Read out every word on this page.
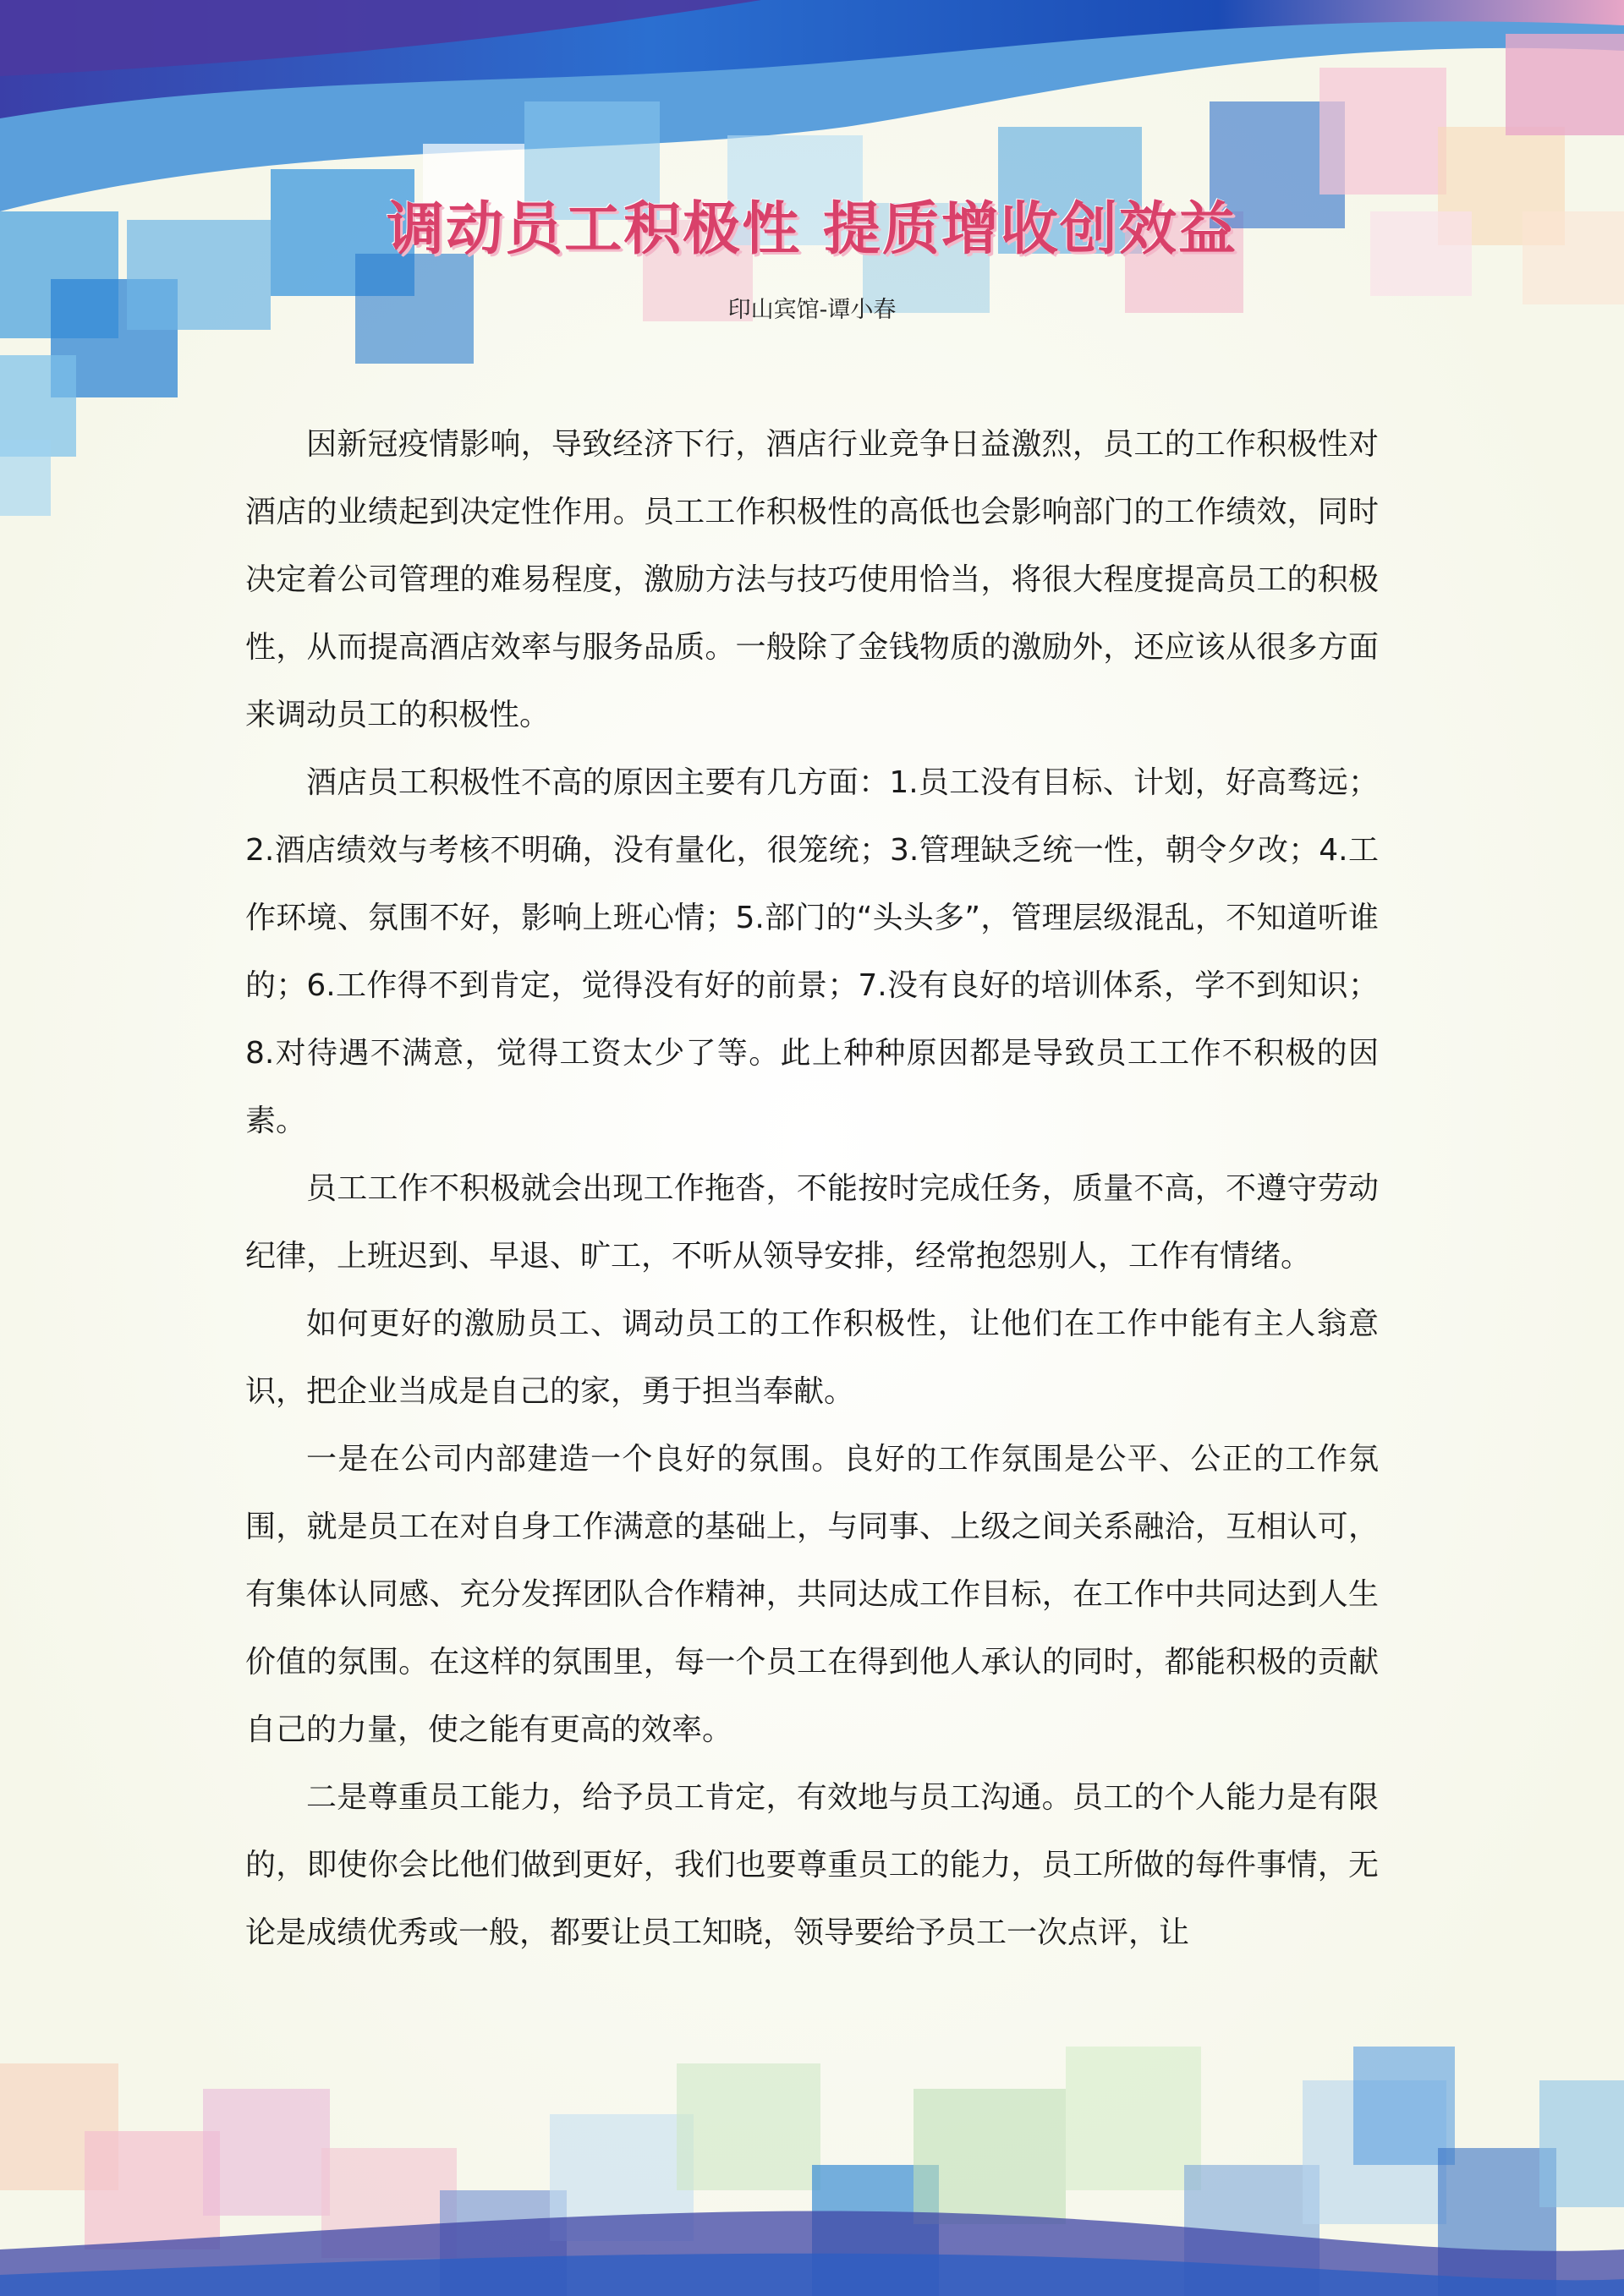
调动员工积极性 提质增收创效益
印山宾馆-谭小春

因新冠疫情影响，导致经济下行，酒店行业竞争日益激烈，员工的工作积极性对酒店的业绩起到决定性作用。员工工作积极性的高低也会影响部门的工作绩效，同时决定着公司管理的难易程度，激励方法与技巧使用恰当，将很大程度提高员工的积极性，从而提高酒店效率与服务品质。一般除了金钱物质的激励外，还应该从很多方面来调动员工的积极性。

酒店员工积极性不高的原因主要有几方面：1.员工没有目标、计划，好高骛远；2.酒店绩效与考核不明确，没有量化，很笼统；3.管理缺乏统一性，朝令夕改；4.工作环境、氛围不好，影响上班心情；5.部门的“头头多”，管理层级混乱，不知道听谁的；6.工作得不到肯定，觉得没有好的前景；7.没有良好的培训体系，学不到知识；8.对待遇不满意，觉得工资太少了等。此上种种原因都是导致员工工作不积极的因素。

员工工作不积极就会出现工作拖沓，不能按时完成任务，质量不高，不遵守劳动纪律，上班迟到、早退、旷工，不听从领导安排，经常抱怨别人，工作有情绪。

如何更好的激励员工、调动员工的工作积极性，让他们在工作中能有主人翁意识，把企业当成是自己的家，勇于担当奉献。

一是在公司内部建造一个良好的氛围。良好的工作氛围是公平、公正的工作氛围，就是员工在对自身工作满意的基础上，与同事、上级之间关系融洽，互相认可，有集体认同感、充分发挥团队合作精神，共同达成工作目标，在工作中共同达到人生价值的氛围。在这样的氛围里，每一个员工在得到他人承认的同时，都能积极的贡献自己的力量，使之能有更高的效率。

二是尊重员工能力，给予员工肯定，有效地与员工沟通。员工的个人能力是有限的，即使你会比他们做到更好，我们也要尊重员工的能力，员工所做的每件事情，无论是成绩优秀或一般，都要让员工知晓，领导要给予员工一次点评，让
